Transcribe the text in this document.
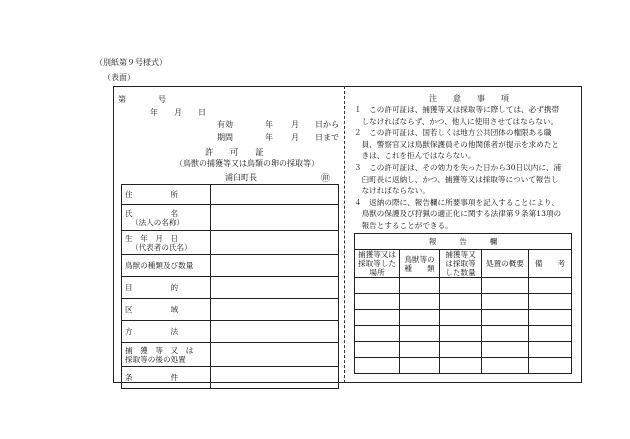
（別紙第９号様式）
（表面）
第　　　　号
年　　月　　日
有効
期間
年 月 日から
年 月 日まで
許　　可　　証
（鳥獣の捕獲等又は鳥類の卵の採取等）
浦臼町長	㊞
住　　　　　所	

氏　　　　　名
（法人の名称）	

生　年　月　日
（代表者の氏名）	

鳥獣の種類及び数量	
目　　　　　的	
区　　　　　域	
方　　　　　法	

捕　獲　等　又　は
採取等の後の処置	

条　　　　　件	
注　　意　　事　　項

１　この許可証は、捕獲等又は採取等に際しては、必ず携帯

　しなければならず、かつ、他人に使用させてはならない。

２　この許可証は、国若しくは地方公共団体の権限ある職

　員、警察官又は鳥獣保護員その他関係者が提示を求めたと

　きは、これを拒んではならない。

３　この許可証は、その効力を失った日から30日以内に、浦

　臼町長に返納し、かつ、捕獲等又は採取等について報告し

　なければならない。

４　返納の際に、報告欄に所要事項を記入することにより、

　鳥獣の保護及び狩猟の適正化に関する法律第９条第13項の

　報告とすることができる。

報　　　告　　　欄				
捕獲等又は採取等した場所	鳥獣等の種　　類	捕獲等又は採取等した数量	処置の概要	備　　考
